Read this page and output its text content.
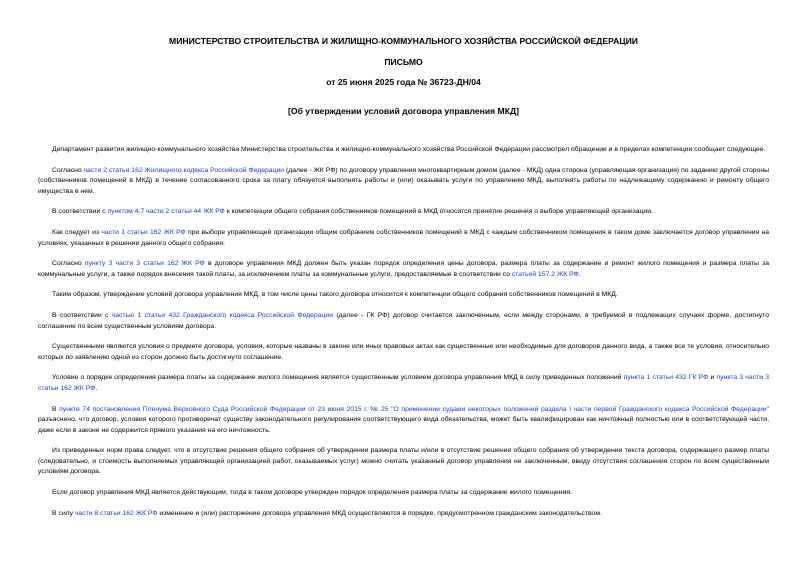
МИНИСТЕРСТВО СТРОИТЕЛЬСТВА И ЖИЛИЩНО-КОММУНАЛЬНОГО ХОЗЯЙСТВА РОССИЙСКОЙ ФЕДЕРАЦИИ
ПИСЬМО
от 25 июня 2025 года № 36723-ДН/04
[Об утверждении условий договора управления МКД]

Департамент развития жилищно-коммунального хозяйства Министерства строительства и жилищно-коммунального хозяйства Российской Федерации рассмотрел обращение и в пределах компетенции сообщает следующее.

Согласно части 2 статьи 162 Жилищного кодекса Российской Федерации (далее - ЖК РФ) по договору управления многоквартирным домом (далее - МКД) одна сторона (управляющая организация) по заданию другой стороны (собственников помещений в МКД) в течение согласованного срока за плату обязуется выполнять работы и (или) оказывать услуги по управлению МКД, выполнять работы по надлежащему содержанию и ремонту общего имущества в нем.

В соответствии с пунктом 4.7 части 2 статьи 44 ЖК РФ к компетенции общего собрания собственников помещений в МКД относится принятие решения о выборе управляющей организации.

Как следует из части 1 статьи 162 ЖК РФ при выборе управляющей организации общим собранием собственников помещений в МКД с каждым собственником помещения в таком доме заключается договор управления на условиях, указанных в решении данного общего собрания.

Согласно пункту 3 части 3 статьи 162 ЖК РФ в договоре управления МКД должен быть указан порядок определения цены договора, размера платы за содержание и ремонт жилого помещения и размера платы за коммунальные услуги, а также порядок внесения такой платы, за исключением платы за коммунальные услуги, предоставляемые в соответствии со статьей 157.2 ЖК РФ.

Таким образом, утверждение условий договора управления МКД, в том числе цены такого договора относится к компетенции общего собрания собственников помещений в МКД.

В соответствии с частью 1 статьи 432 Гражданского кодекса Российской Федерации (далее - ГК РФ) договор считается заключенным, если между сторонами, в требуемой в подлежащих случаях форме, достигнуто соглашение по всем существенным условиям договора.

Существенными являются условия о предмете договора, условия, которые названы в законе или иных правовых актах как существенные или необходимые для договоров данного вида, а также все те условия, относительно которых по заявлению одной из сторон должно быть достигнуто соглашение.

Условие о порядке определения размера платы за содержание жилого помещения является существенным условием договора управления МКД в силу приведенных положений пункта 1 статьи 432 ГК РФ и пункта 3 части 3 статьи 162 ЖК РФ.

В пункте 74 постановления Пленума Верховного Суда Российской Федерации от 23 июня 2015 г. № 25 "О применении судами некоторых положений раздела I части первой Гражданского кодекса Российской Федерации" разъяснено, что договор, условия которого противоречат существу законодательного регулирования соответствующего вида обязательства, может быть квалифицирован как ничтожный полностью или в соответствующей части, даже если в законе не содержится прямого указания на его ничтожность.

Из приведенных норм права следует, что в отсутствие решения общего собрания об утверждении размера платы и/или в отсутствие решения общего собрания об утверждении текста договора, содержащего размер платы (следовательно, и стоимость выполняемых управляющей организацией работ, оказываемых услуг) можно считать указанный договор управления не заключенным, ввиду отсутствия соглашения сторон по всем существенным условиям договора.

Если договор управления МКД является действующим, тогда в таком договоре утвержден порядок определения размера платы за содержание жилого помещения.

В силу части 8 статьи 162 ЖК РФ изменение и (или) расторжение договора управления МКД осуществляются в порядке, предусмотренном гражданским законодательством.
